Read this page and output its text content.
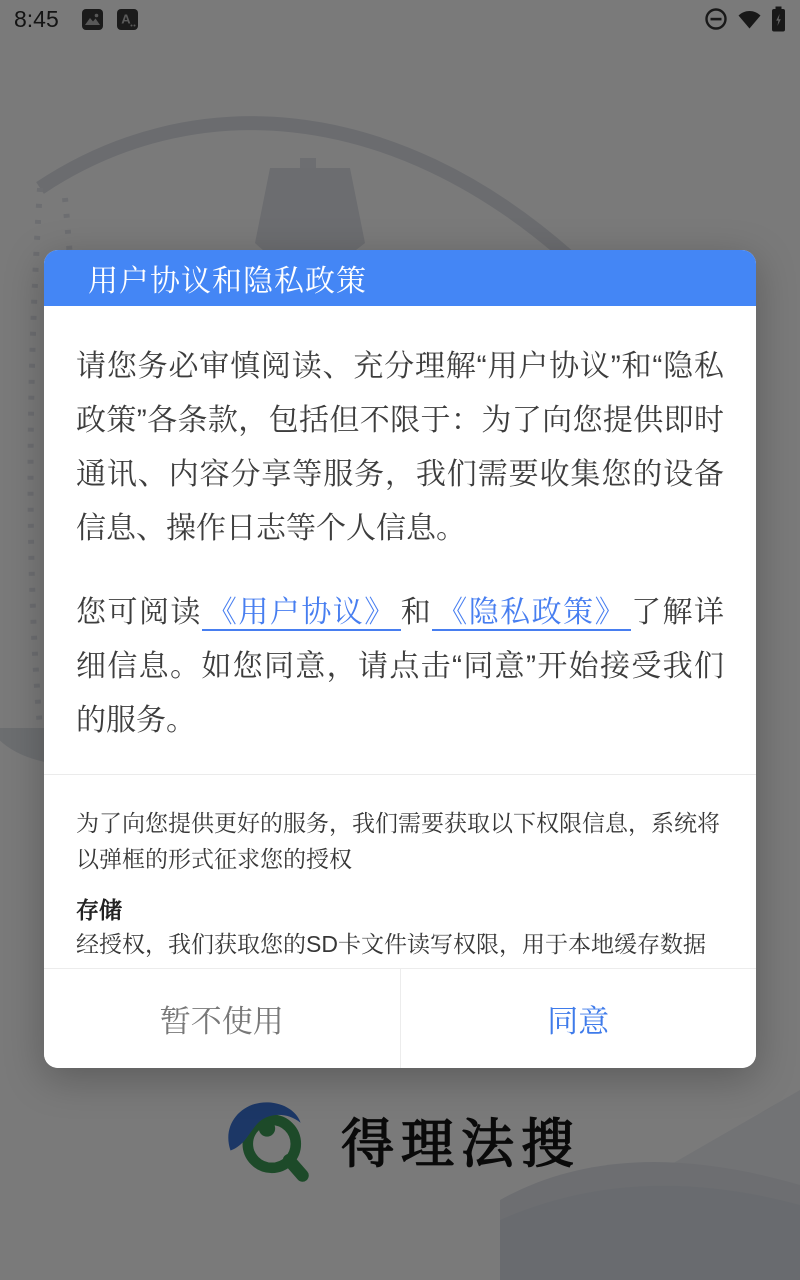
用户协议和隐私政策

请您务必审慎阅读、充分理解“用户协议”和“隐私政策”各条款，包括但不限于：为了向您提供即时通讯、内容分享等服务，我们需要收集您的设备信息、操作日志等个人信息。

您可阅读 《用户协议》 和 《隐私政策》 了解详细信息。如您同意，请点击“同意”开始接受我们的服务。

为了向您提供更好的服务，我们需要获取以下权限信息，系统将以弹框的形式征求您的授权
存储
经授权，我们获取您的SD卡文件读写权限，用于本地缓存数据
暂不使用	同意
